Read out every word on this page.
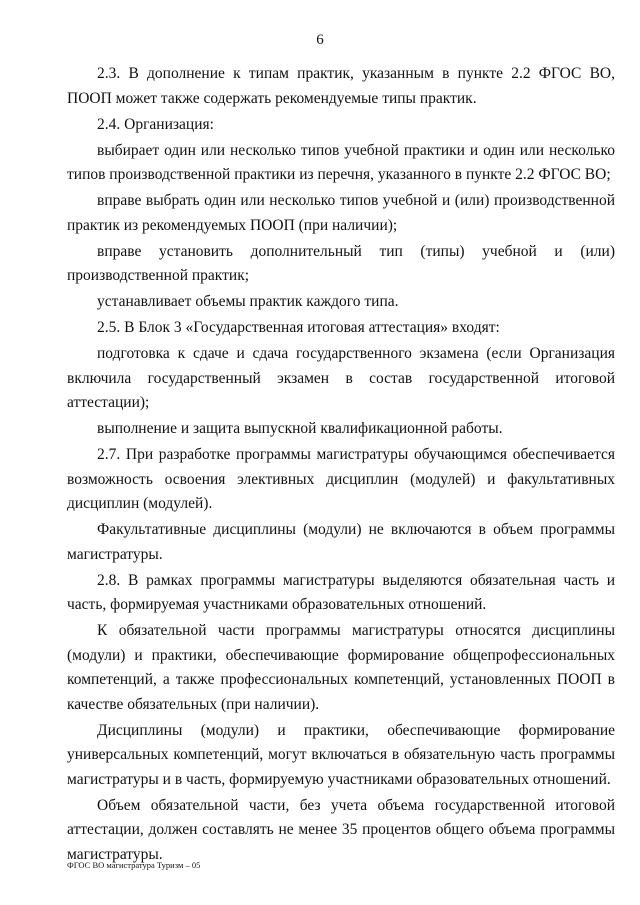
6

2.3. В дополнение к типам практик, указанным в пункте 2.2 ФГОС ВО, ПООП может также содержать рекомендуемые типы практик.

2.4. Организация:

выбирает один или несколько типов учебной практики и один или несколько типов производственной практики из перечня, указанного в пункте 2.2 ФГОС ВО;

вправе выбрать один или несколько типов учебной и (или) производственной практик из рекомендуемых ПООП (при наличии);

вправе установить дополнительный тип (типы) учебной и (или) производственной практик;

устанавливает объемы практик каждого типа.

2.5. В Блок 3 «Государственная итоговая аттестация» входят:

подготовка к сдаче и сдача государственного экзамена (если Организация включила государственный экзамен в состав государственной итоговой аттестации);

выполнение и защита выпускной квалификационной работы.

2.7. При разработке программы магистратуры обучающимся обеспечивается возможность освоения элективных дисциплин (модулей) и факультативных дисциплин (модулей).

Факультативные дисциплины (модули) не включаются в объем программы магистратуры.

2.8. В рамках программы магистратуры выделяются обязательная часть и часть, формируемая участниками образовательных отношений.

К обязательной части программы магистратуры относятся дисциплины (модули) и практики, обеспечивающие формирование общепрофессиональных компетенций, а также профессиональных компетенций, установленных ПООП в качестве обязательных (при наличии).

Дисциплины (модули) и практики, обеспечивающие формирование универсальных компетенций, могут включаться в обязательную часть программы магистратуры и в часть, формируемую участниками образовательных отношений.

Объем обязательной части, без учета объема государственной итоговой аттестации, должен составлять не менее 35 процентов общего объема программы магистратуры.

ФГОС ВО магистратура Туризм – 05
